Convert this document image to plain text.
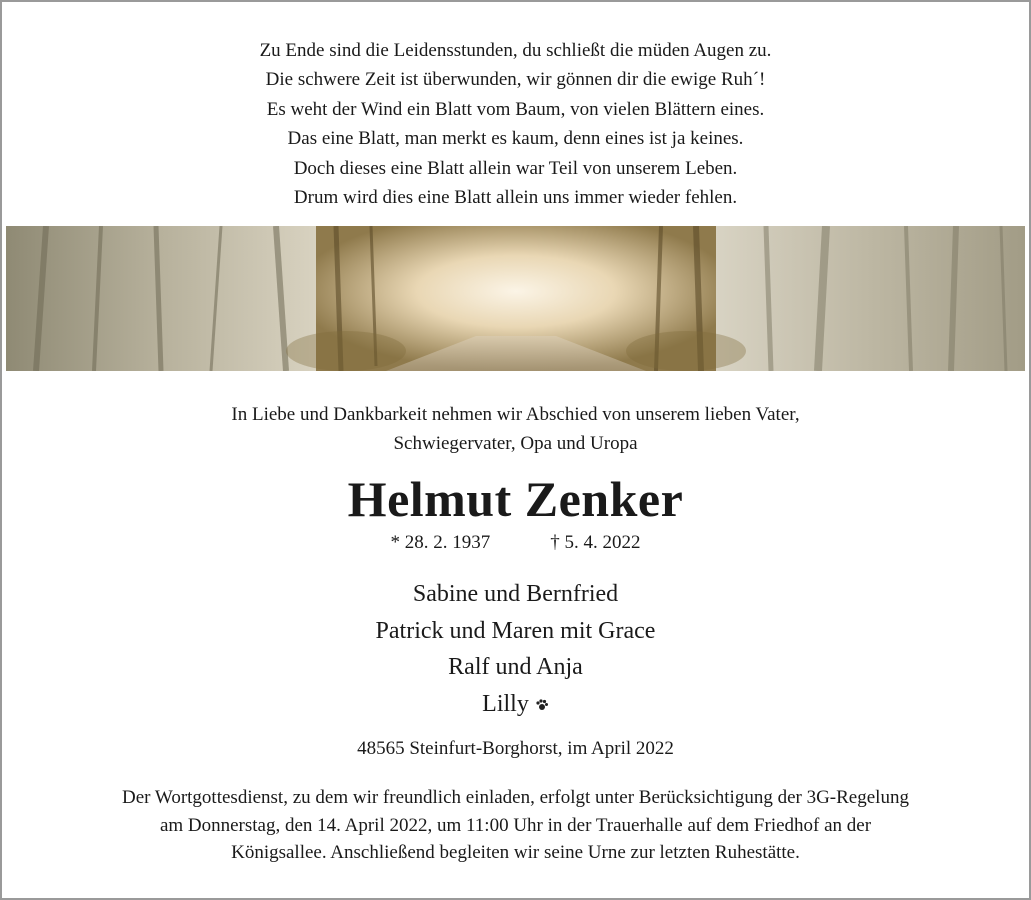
Zu Ende sind die Leidensstunden, du schließt die müden Augen zu.
Die schwere Zeit ist überwunden, wir gönnen dir die ewige Ruh´!
Es weht der Wind ein Blatt vom Baum, von vielen Blättern eines.
Das eine Blatt, man merkt es kaum, denn eines ist ja keines.
Doch dieses eine Blatt allein war Teil von unserem Leben.
Drum wird dies eine Blatt allein uns immer wieder fehlen.
In Liebe und Dankbarkeit nehmen wir Abschied von unserem lieben Vater,
Schwiegervater, Opa und Uropa
Helmut Zenker
* 28. 2. 1937	† 5. 4. 2022
Sabine und Bernfried
Patrick und Maren mit Grace
Ralf und Anja
Lilly
48565 Steinfurt-Borghorst, im April 2022
Der Wortgottesdienst, zu dem wir freundlich einladen, erfolgt unter Berücksichtigung der 3G-Regelung
am Donnerstag, den 14. April 2022, um 11:00 Uhr in der Trauerhalle auf dem Friedhof an der
Königsallee. Anschließend begleiten wir seine Urne zur letzten Ruhestätte.
